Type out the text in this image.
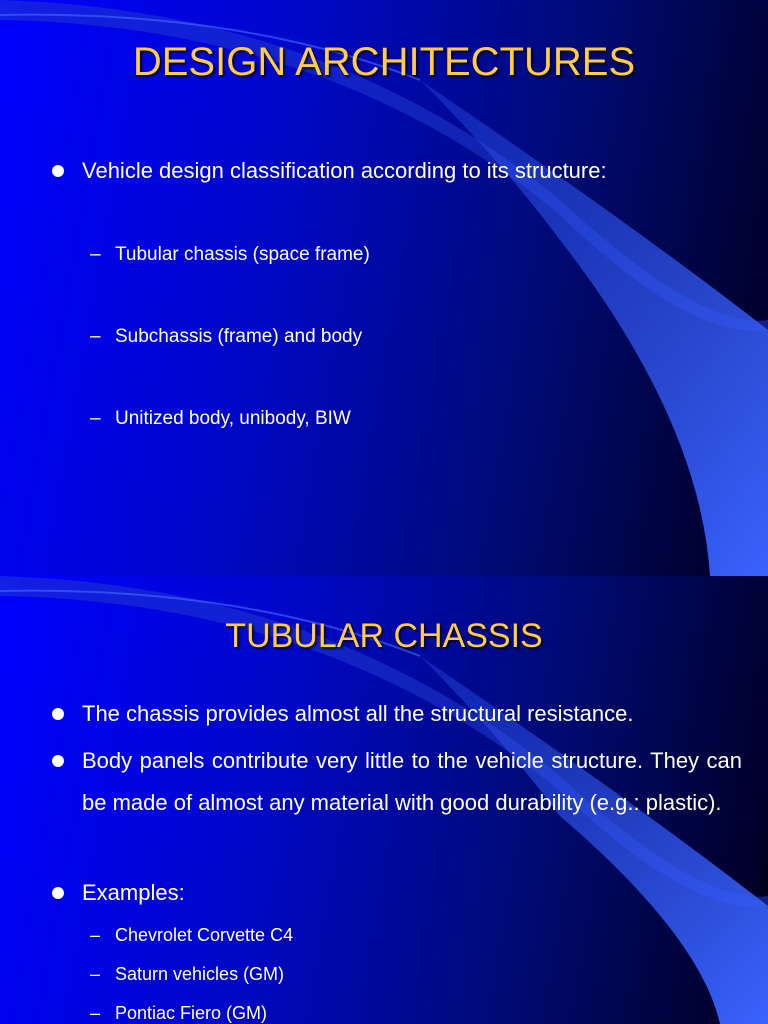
DESIGN ARCHITECTURES
Vehicle design classification according to its structure:
– Tubular chassis (space frame)
– Subchassis (frame) and body
– Unitized body, unibody, BIW
TUBULAR CHASSIS
The chassis provides almost all the structural resistance.
Body panels contribute very little to the vehicle structure. They can be made of almost any material with good durability (e.g.: plastic).
Examples:
– Chevrolet Corvette C4
– Saturn vehicles (GM)
– Pontiac Fiero (GM)
